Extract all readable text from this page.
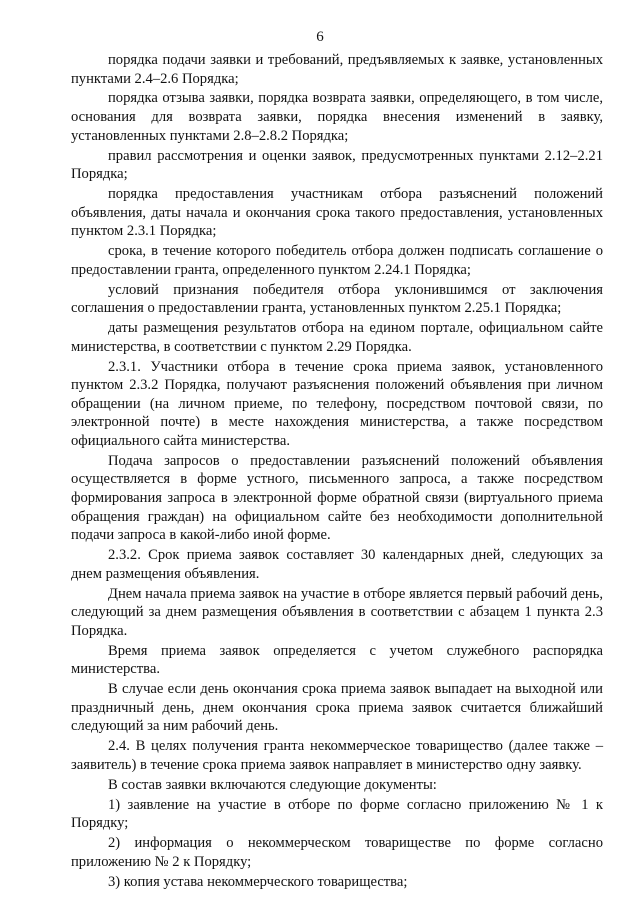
6

порядка подачи заявки и требований, предъявляемых к заявке, установленных пунктами 2.4–2.6 Порядка;

порядка отзыва заявки, порядка возврата заявки, определяющего, в том числе, основания для возврата заявки, порядка внесения изменений в заявку, установленных пунктами 2.8–2.8.2 Порядка;

правил рассмотрения и оценки заявок, предусмотренных пунктами 2.12–2.21 Порядка;

порядка предоставления участникам отбора разъяснений положений объявления, даты начала и окончания срока такого предоставления, установленных пунктом 2.3.1 Порядка;

срока, в течение которого победитель отбора должен подписать соглашение о предоставлении гранта, определенного пунктом 2.24.1 Порядка;

условий признания победителя отбора уклонившимся от заключения соглашения о предоставлении гранта, установленных пунктом 2.25.1 Порядка;

даты размещения результатов отбора на едином портале, официальном сайте министерства, в соответствии с пунктом 2.29 Порядка.

2.3.1. Участники отбора в течение срока приема заявок, установленного пунктом 2.3.2 Порядка, получают разъяснения положений объявления при личном обращении (на личном приеме, по телефону, посредством почтовой связи, по электронной почте) в месте нахождения министерства, а также посредством официального сайта министерства.

Подача запросов о предоставлении разъяснений положений объявления осуществляется в форме устного, письменного запроса, а также посредством формирования запроса в электронной форме обратной связи (виртуального приема обращения граждан) на официальном сайте без необходимости дополнительной подачи запроса в какой-либо иной форме.

2.3.2. Срок приема заявок составляет 30 календарных дней, следующих за днем размещения объявления.

Днем начала приема заявок на участие в отборе является первый рабочий день, следующий за днем размещения объявления в соответствии с абзацем 1 пункта 2.3 Порядка.

Время приема заявок определяется с учетом служебного распорядка министерства.

В случае если день окончания срока приема заявок выпадает на выходной или праздничный день, днем окончания срока приема заявок считается ближайший следующий за ним рабочий день.

2.4. В целях получения гранта некоммерческое товарищество (далее также – заявитель) в течение срока приема заявок направляет в министерство одну заявку.

В состав заявки включаются следующие документы:

1) заявление на участие в отборе по форме согласно приложению № 1 к Порядку;

2) информация о некоммерческом товариществе по форме согласно приложению № 2 к Порядку;

3) копия устава некоммерческого товарищества;
